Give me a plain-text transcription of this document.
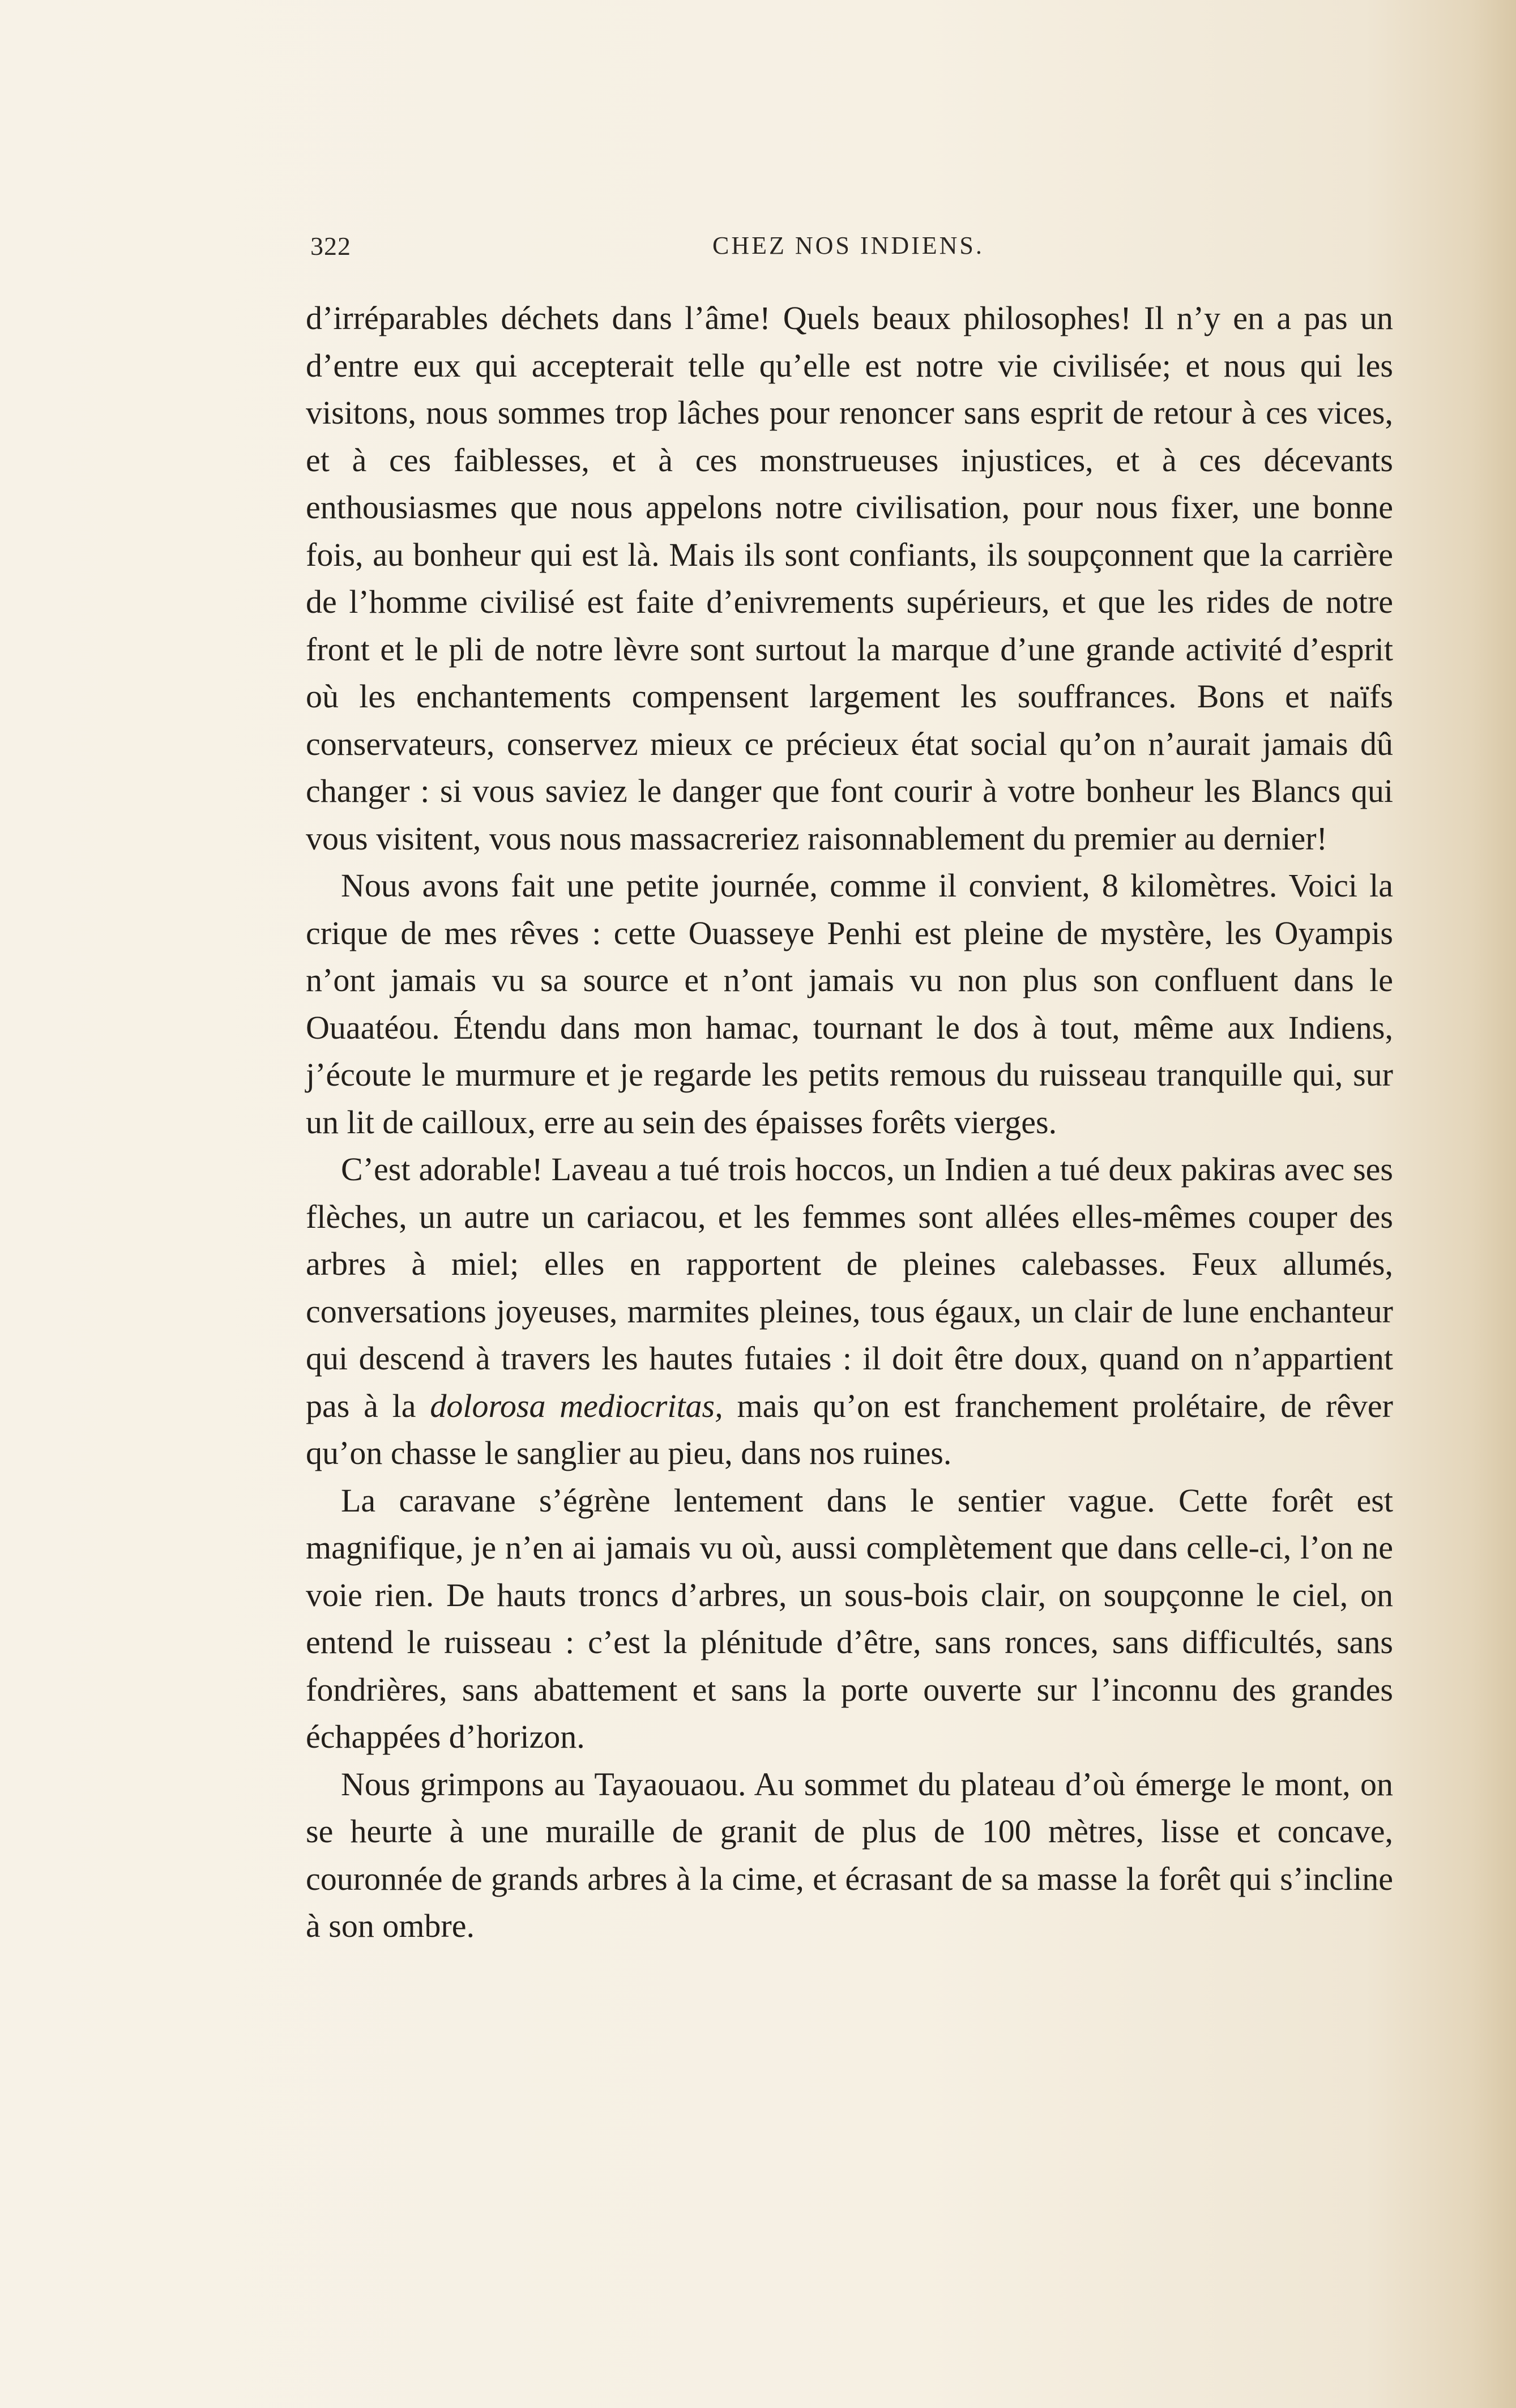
322	CHEZ NOS INDIENS.

d’irréparables déchets dans l’âme! Quels beaux philosophes! Il n’y en a pas un d’entre eux qui accepterait telle qu’elle est notre vie civilisée; et nous qui les visitons, nous sommes trop lâches pour renoncer sans esprit de retour à ces vices, et à ces faiblesses, et à ces monstrueuses injustices, et à ces décevants enthousiasmes que nous appelons notre civilisation, pour nous fixer, une bonne fois, au bonheur qui est là. Mais ils sont confiants, ils soupçonnent que la carrière de l’homme civilisé est faite d’enivrements supérieurs, et que les rides de notre front et le pli de notre lèvre sont surtout la marque d’une grande activité d’esprit où les enchantements compensent largement les souffrances. Bons et naïfs conservateurs, conservez mieux ce précieux état social qu’on n’aurait jamais dû changer : si vous saviez le danger que font courir à votre bonheur les Blancs qui vous visitent, vous nous massacreriez raisonnablement du premier au dernier!

Nous avons fait une petite journée, comme il convient, 8 kilomètres. Voici la crique de mes rêves : cette Ouasseye Penhi est pleine de mystère, les Oyampis n’ont jamais vu sa source et n’ont jamais vu non plus son confluent dans le Ouaatéou. Étendu dans mon hamac, tournant le dos à tout, même aux Indiens, j’écoute le murmure et je regarde les petits remous du ruisseau tranquille qui, sur un lit de cailloux, erre au sein des épaisses forêts vierges.

C’est adorable! Laveau a tué trois hoccos, un Indien a tué deux pakiras avec ses flèches, un autre un cariacou, et les femmes sont allées elles-mêmes couper des arbres à miel; elles en rapportent de pleines calebasses. Feux allumés, conversations joyeuses, marmites pleines, tous égaux, un clair de lune enchanteur qui descend à travers les hautes futaies : il doit être doux, quand on n’appartient pas à la dolorosa mediocritas, mais qu’on est franchement prolétaire, de rêver qu’on chasse le sanglier au pieu, dans nos ruines.

La caravane s’égrène lentement dans le sentier vague. Cette forêt est magnifique, je n’en ai jamais vu où, aussi complètement que dans celle-ci, l’on ne voie rien. De hauts troncs d’arbres, un sous-bois clair, on soupçonne le ciel, on entend le ruisseau : c’est la plénitude d’être, sans ronces, sans difficultés, sans fondrières, sans abattement et sans la porte ouverte sur l’inconnu des grandes échappées d’horizon.

Nous grimpons au Tayaouaou. Au sommet du plateau d’où émerge le mont, on se heurte à une muraille de granit de plus de 100 mètres, lisse et concave, couronnée de grands arbres à la cime, et écrasant de sa masse la forêt qui s’incline à son ombre.
